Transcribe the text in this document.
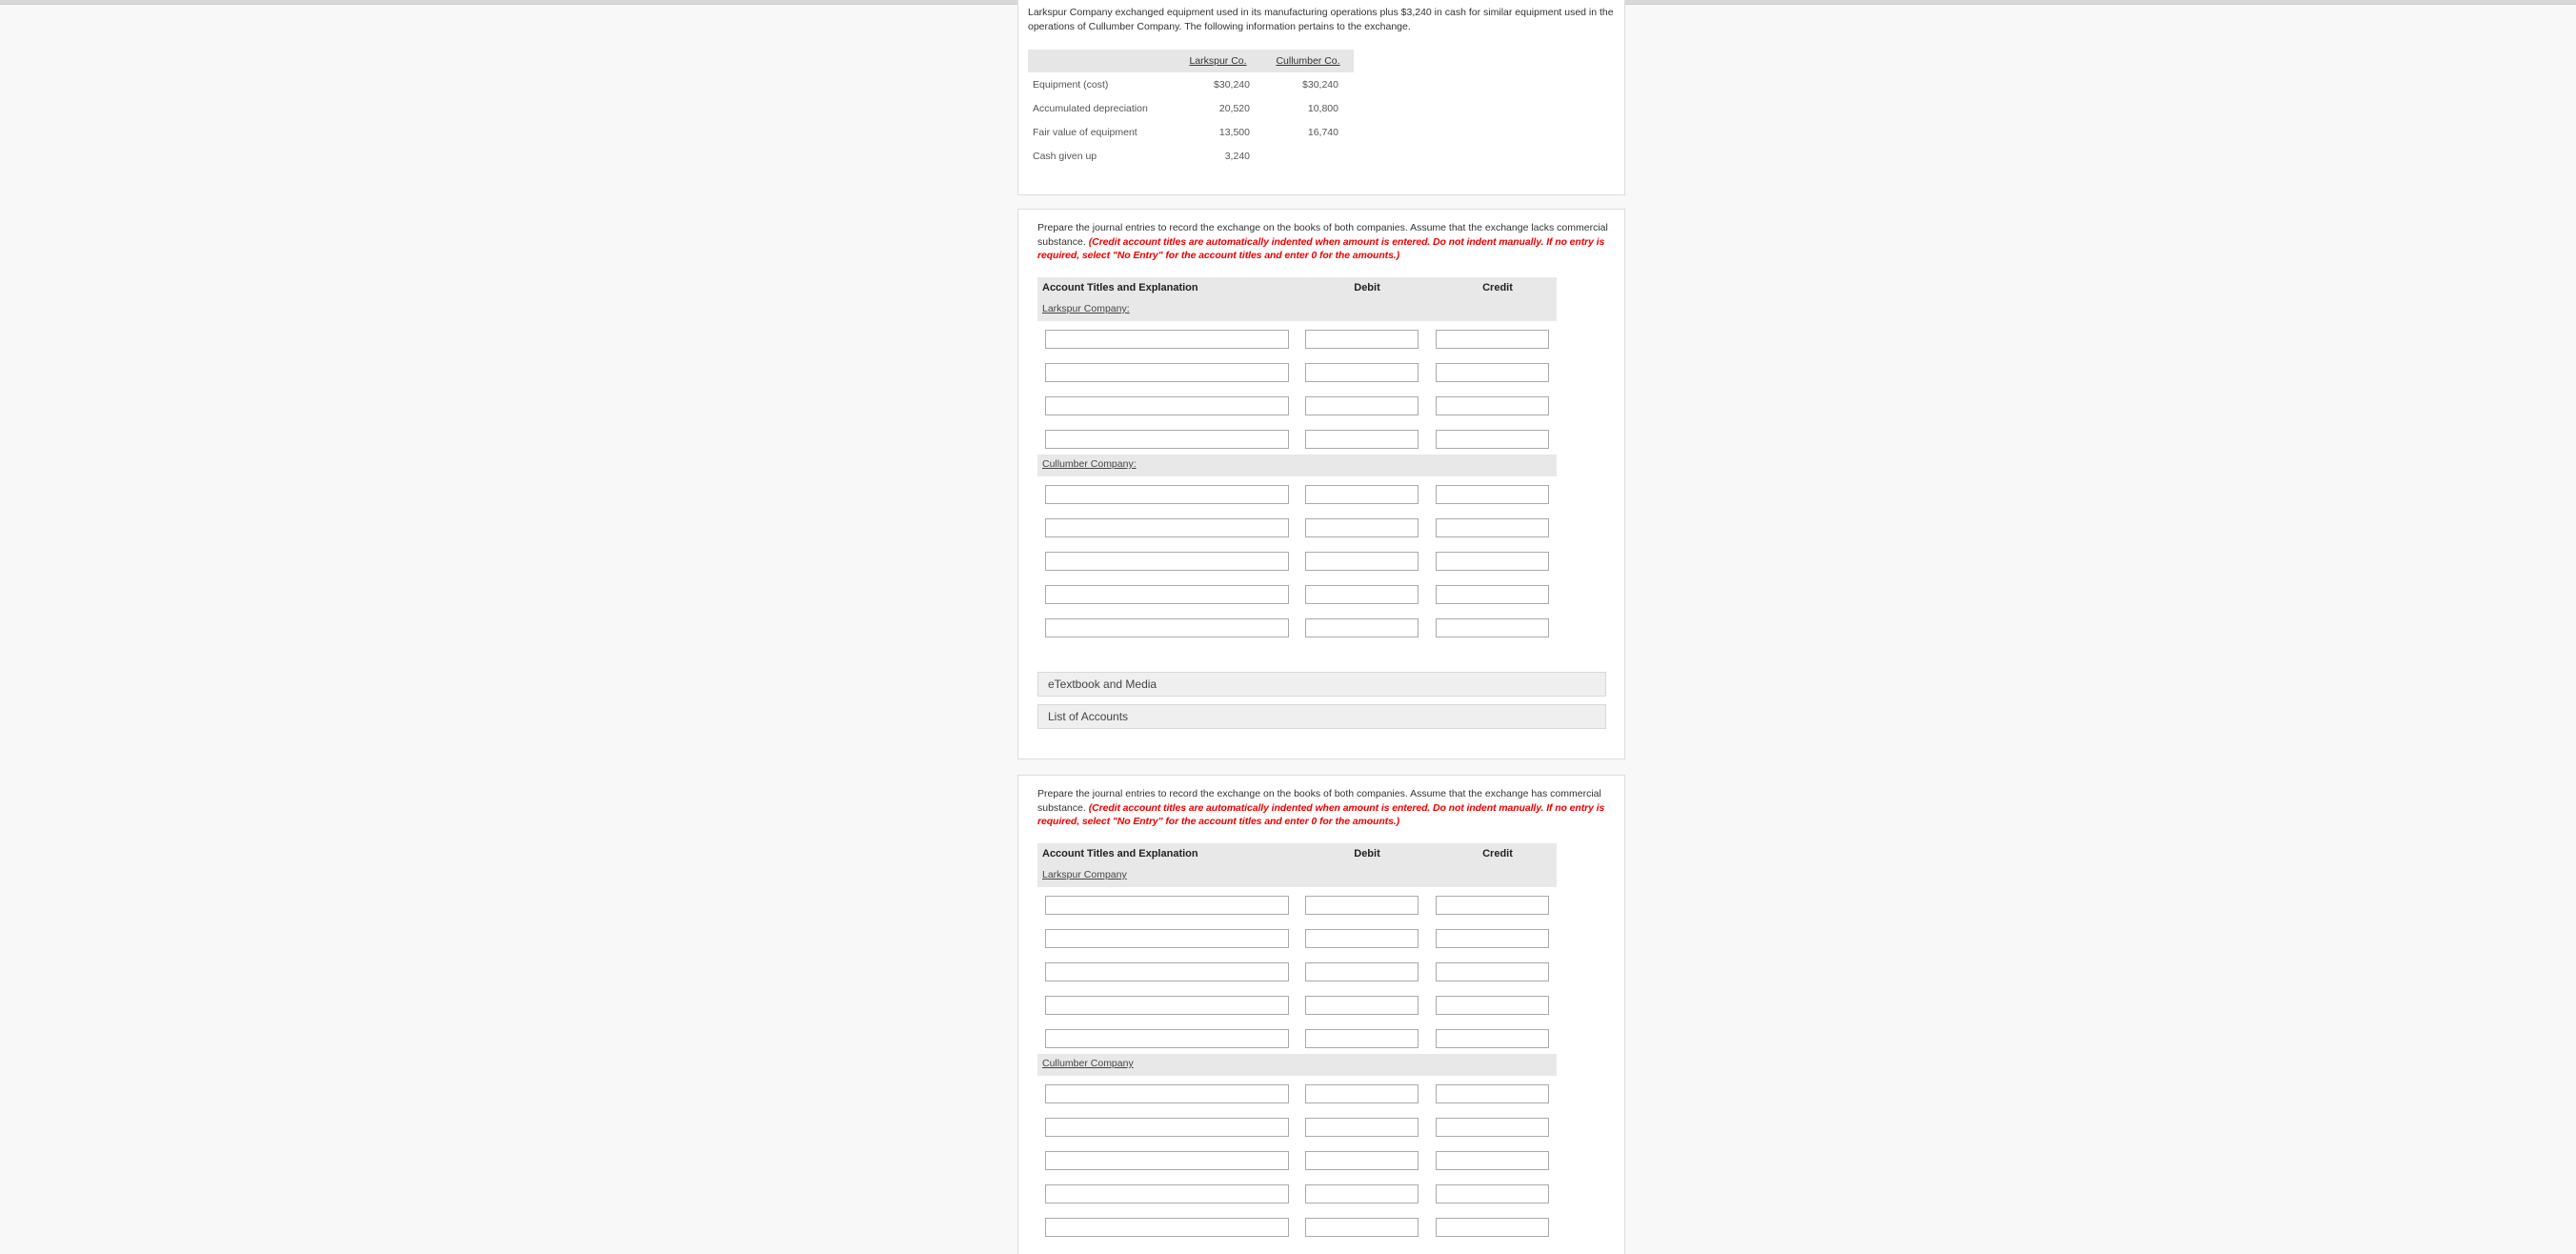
Larkspur Company exchanged equipment used in its manufacturing operations plus $3,240 in cash for similar equipment used in the operations of Cullumber Company. The following information pertains to the exchange.
	Larkspur Co.	Cullumber Co.
Equipment (cost)	$30,240	$30,240
Accumulated depreciation	20,520	10,800
Fair value of equipment	13,500	16,740
Cash given up	3,240	
Prepare the journal entries to record the exchange on the books of both companies. Assume that the exchange lacks commercial substance. (Credit account titles are automatically indented when amount is entered. Do not indent manually. If no entry is required, select "No Entry" for the account titles and enter 0 for the amounts.)
Account Titles and Explanation	Debit	Credit
Larkspur Company:
Cullumber Company:
eTextbook and Media
List of Accounts
Prepare the journal entries to record the exchange on the books of both companies. Assume that the exchange has commercial substance. (Credit account titles are automatically indented when amount is entered. Do not indent manually. If no entry is required, select "No Entry" for the account titles and enter 0 for the amounts.)
Account Titles and Explanation	Debit	Credit
Larkspur Company
Cullumber Company
